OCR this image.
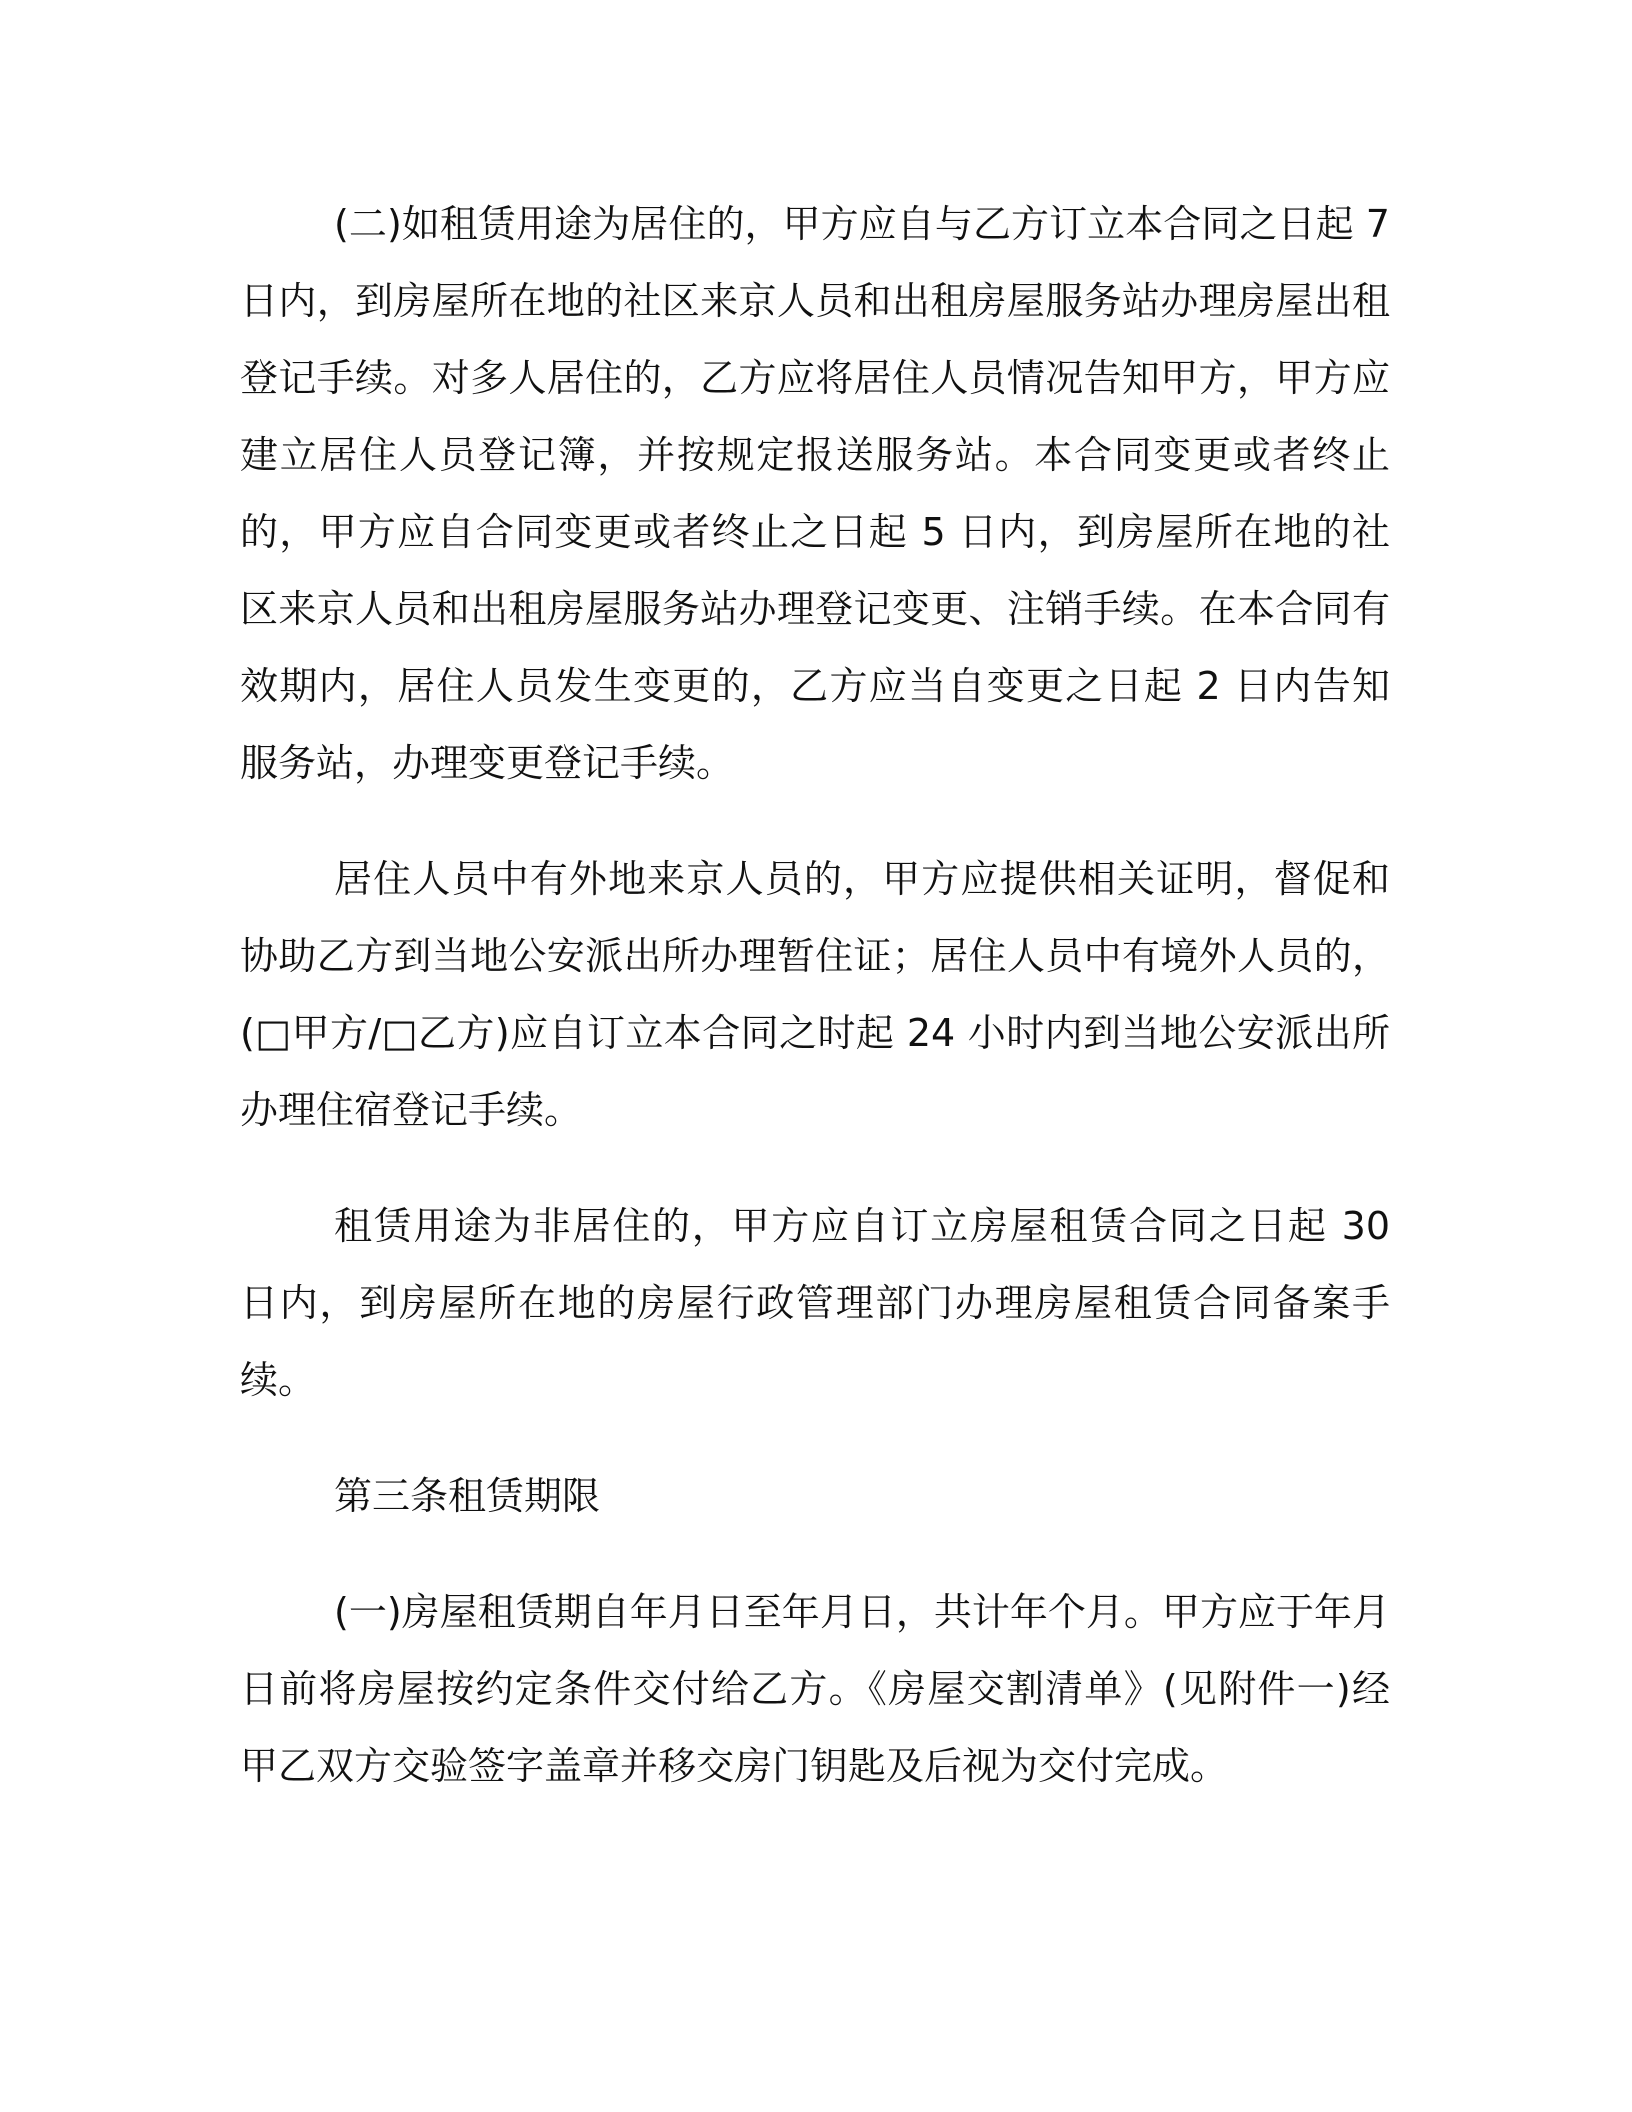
(二)如租赁用途为居住的，甲方应自与乙方订立本合同之日起 7 日内，到房屋所在地的社区来京人员和出租房屋服务站办理房屋出租登记手续。对多人居住的，乙方应将居住人员情况告知甲方，甲方应建立居住人员登记簿，并按规定报送服务站。本合同变更或者终止的，甲方应自合同变更或者终止之日起 5 日内，到房屋所在地的社区来京人员和出租房屋服务站办理登记变更、注销手续。在本合同有效期内，居住人员发生变更的，乙方应当自变更之日起 2 日内告知服务站，办理变更登记手续。

居住人员中有外地来京人员的，甲方应提供相关证明，督促和协助乙方到当地公安派出所办理暂住证；居住人员中有境外人员的，(□甲方/□乙方)应自订立本合同之时起 24 小时内到当地公安派出所办理住宿登记手续。

租赁用途为非居住的，甲方应自订立房屋租赁合同之日起 30 日内，到房屋所在地的房屋行政管理部门办理房屋租赁合同备案手续。

第三条租赁期限

(一)房屋租赁期自年月日至年月日，共计年个月。甲方应于年月日前将房屋按约定条件交付给乙方。《房屋交割清单》(见附件一)经甲乙双方交验签字盖章并移交房门钥匙及后视为交付完成。
